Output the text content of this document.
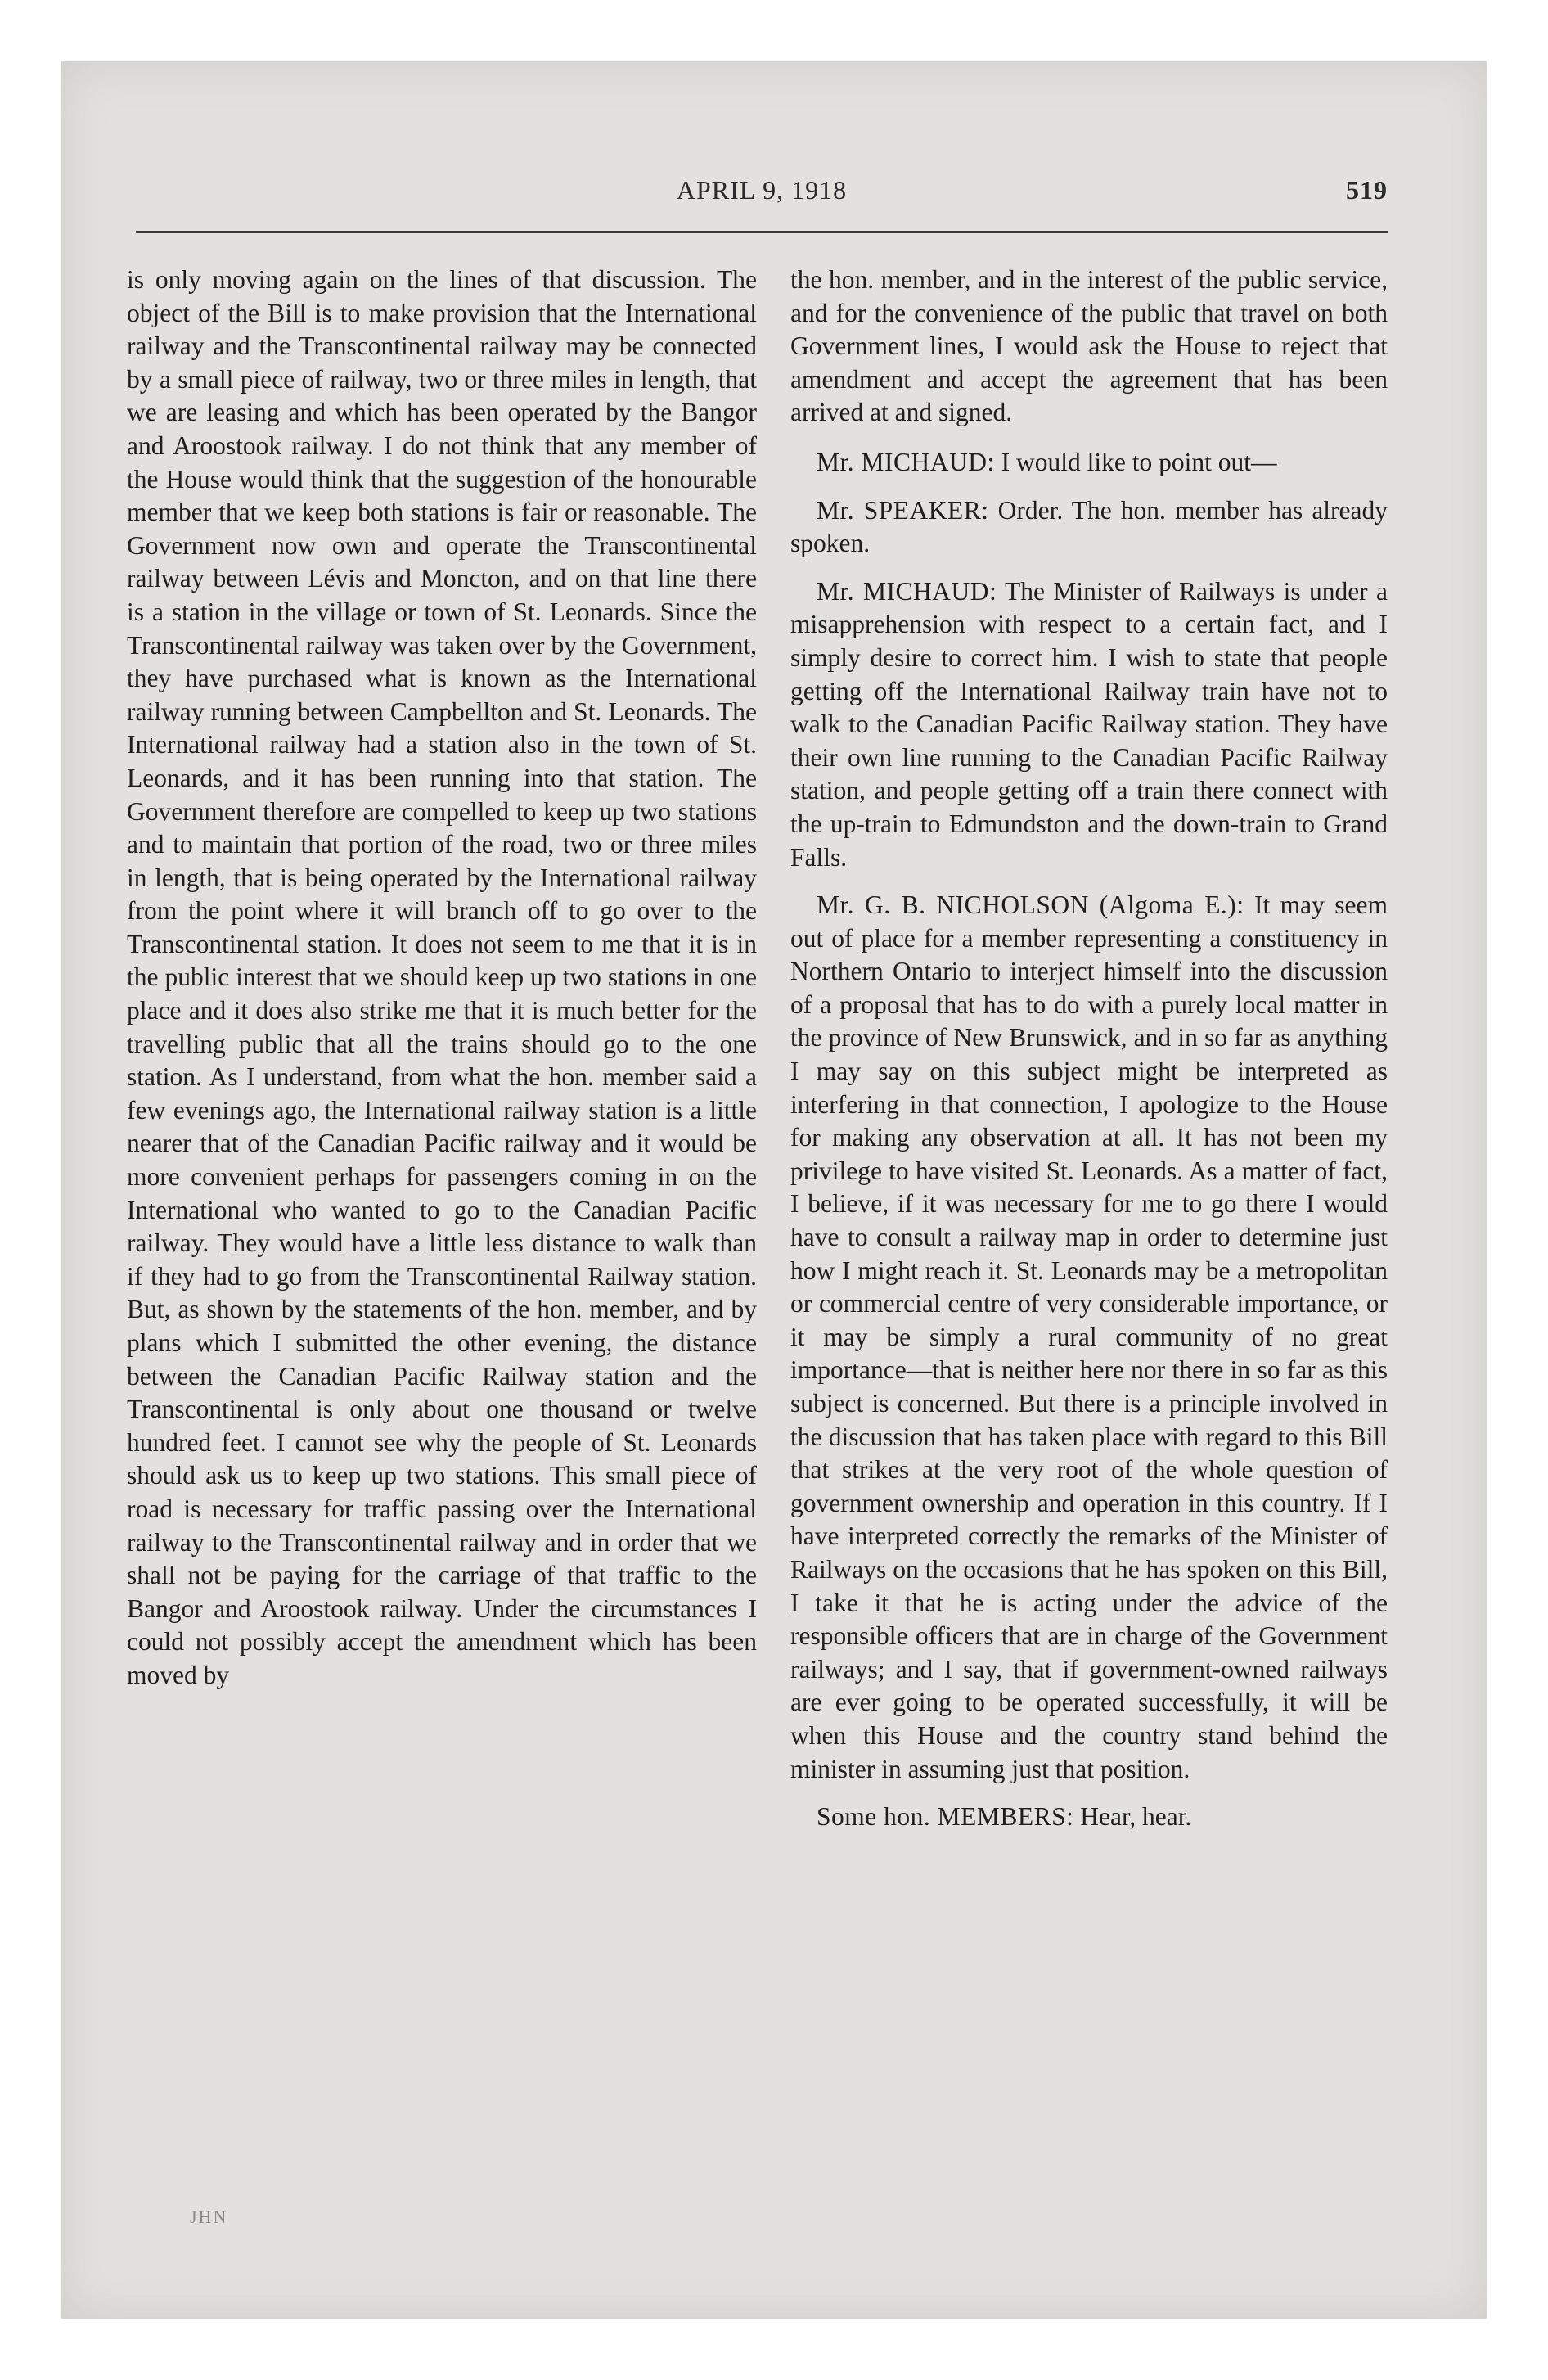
APRIL 9, 1918	519

is only moving again on the lines of that discussion. The object of the Bill is to make provision that the International railway and the Transcontinental railway may be connected by a small piece of railway, two or three miles in length, that we are leasing and which has been operated by the Bangor and Aroostook railway. I do not think that any member of the House would think that the suggestion of the honourable member that we keep both stations is fair or reasonable. The Government now own and operate the Transcontinental railway between Lévis and Moncton, and on that line there is a station in the village or town of St. Leonards. Since the Transcontinental railway was taken over by the Government, they have purchased what is known as the International railway running between Campbellton and St. Leonards. The International railway had a station also in the town of St. Leonards, and it has been running into that station. The Government therefore are compelled to keep up two stations and to maintain that portion of the road, two or three miles in length, that is being operated by the International railway from the point where it will branch off to go over to the Transcontinental station. It does not seem to me that it is in the public interest that we should keep up two stations in one place and it does also strike me that it is much better for the travelling public that all the trains should go to the one station. As I understand, from what the hon. member said a few evenings ago, the International railway station is a little nearer that of the Canadian Pacific railway and it would be more convenient perhaps for passengers coming in on the International who wanted to go to the Canadian Pacific railway. They would have a little less distance to walk than if they had to go from the Transcontinental Railway station. But, as shown by the statements of the hon. member, and by plans which I submitted the other evening, the distance between the Canadian Pacific Railway station and the Transcontinental is only about one thousand or twelve hundred feet. I cannot see why the people of St. Leonards should ask us to keep up two stations. This small piece of road is necessary for traffic passing over the International railway to the Transcontinental railway and in order that we shall not be paying for the carriage of that traffic to the Bangor and Aroostook railway. Under the circumstances I could not possibly accept the amendment which has been moved by

the hon. member, and in the interest of the public service, and for the convenience of the public that travel on both Government lines, I would ask the House to reject that amendment and accept the agreement that has been arrived at and signed.

Mr. MICHAUD: I would like to point out—

Mr. SPEAKER: Order. The hon. member has already spoken.

Mr. MICHAUD: The Minister of Railways is under a misapprehension with respect to a certain fact, and I simply desire to correct him. I wish to state that people getting off the International Railway train have not to walk to the Canadian Pacific Railway station. They have their own line running to the Canadian Pacific Railway station, and people getting off a train there connect with the up-train to Edmundston and the down-train to Grand Falls.

Mr. G. B. NICHOLSON (Algoma E.): It may seem out of place for a member representing a constituency in Northern Ontario to interject himself into the discussion of a proposal that has to do with a purely local matter in the province of New Brunswick, and in so far as anything I may say on this subject might be interpreted as interfering in that connection, I apologize to the House for making any observation at all. It has not been my privilege to have visited St. Leonards. As a matter of fact, I believe, if it was necessary for me to go there I would have to consult a railway map in order to determine just how I might reach it. St. Leonards may be a metropolitan or commercial centre of very considerable importance, or it may be simply a rural community of no great importance—that is neither here nor there in so far as this subject is concerned. But there is a principle involved in the discussion that has taken place with regard to this Bill that strikes at the very root of the whole question of government ownership and operation in this country. If I have interpreted correctly the remarks of the Minister of Railways on the occasions that he has spoken on this Bill, I take it that he is acting under the advice of the responsible officers that are in charge of the Government railways; and I say, that if government-owned railways are ever going to be operated successfully, it will be when this House and the country stand behind the minister in assuming just that position.

Some hon. MEMBERS: Hear, hear.

JHN
